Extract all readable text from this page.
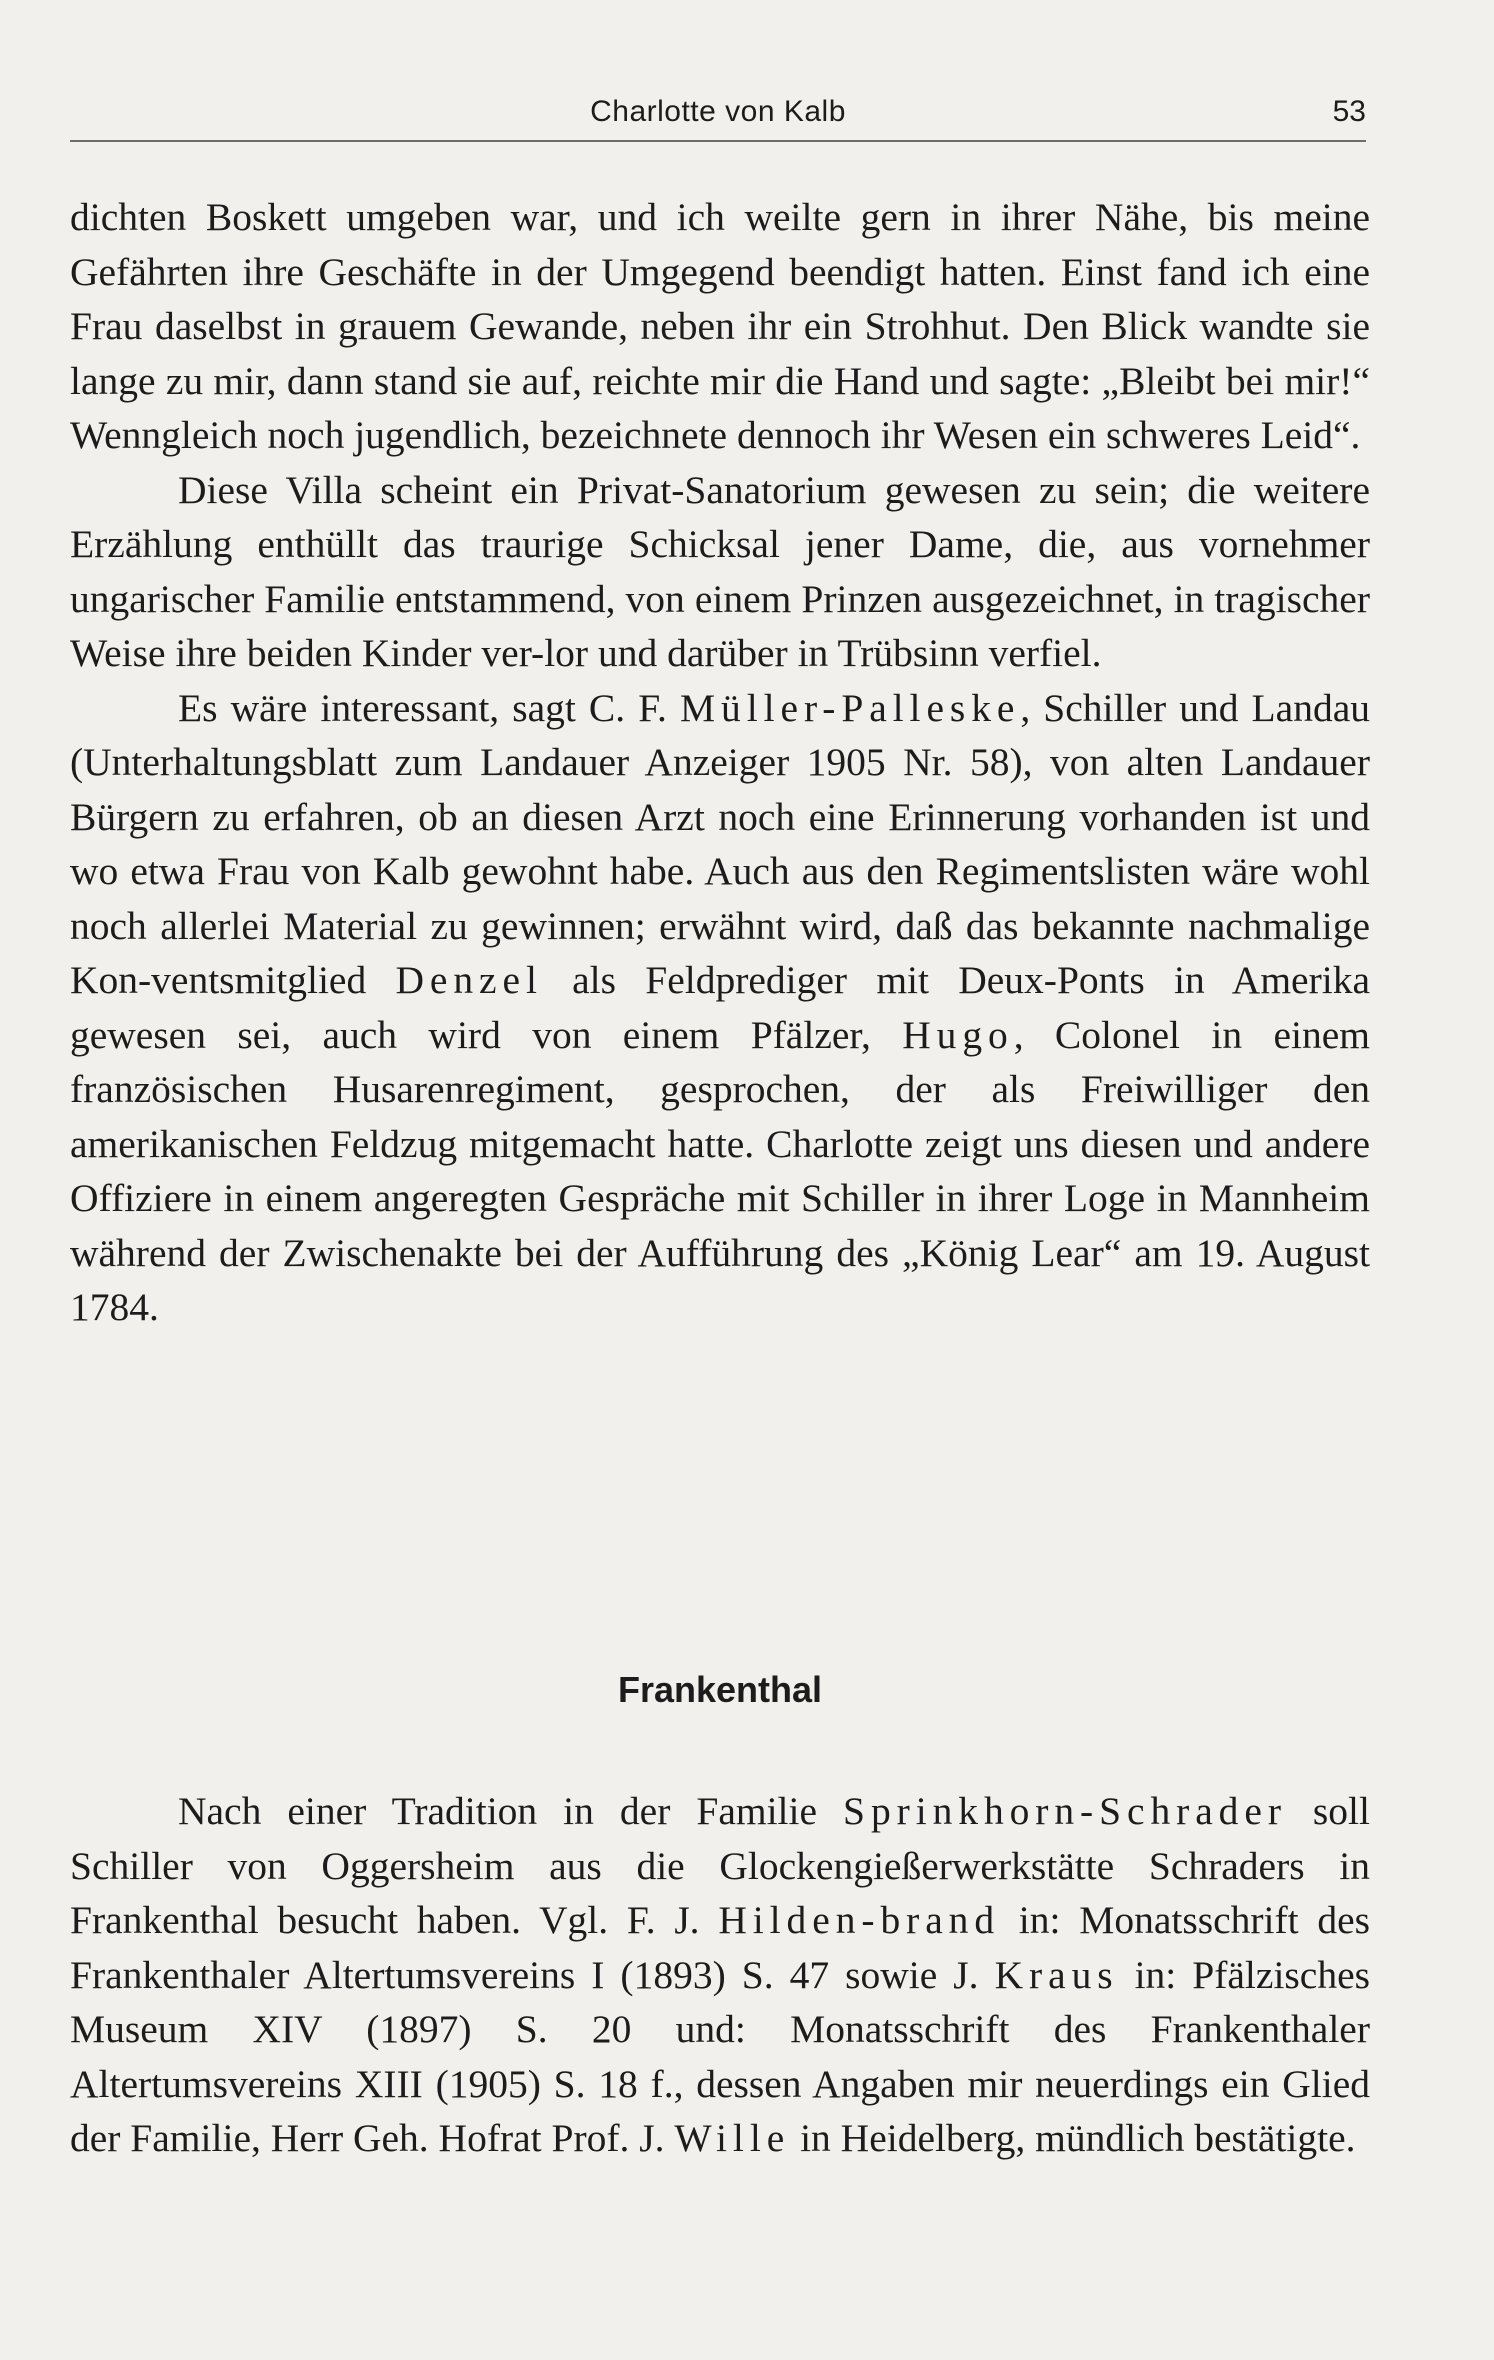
Charlotte von Kalb	53

dichten Boskett umgeben war, und ich weilte gern in ihrer Nähe, bis meine Gefährten ihre Geschäfte in der Umgegend beendigt hatten. Einst fand ich eine Frau daselbst in grauem Gewande, neben ihr ein Strohhut. Den Blick wandte sie lange zu mir, dann stand sie auf, reichte mir die Hand und sagte: „Bleibt bei mir!“ Wenngleich noch jugendlich, bezeichnete dennoch ihr Wesen ein schweres Leid“.

Diese Villa scheint ein Privat-Sanatorium gewesen zu sein; die weitere Erzählung enthüllt das traurige Schicksal jener Dame, die, aus vornehmer ungarischer Familie entstammend, von einem Prinzen ausgezeichnet, in tragischer Weise ihre beiden Kinder ver-lor und darüber in Trübsinn verfiel.

Es wäre interessant, sagt C. F. Müller-Palleske, Schiller und Landau (Unterhaltungsblatt zum Landauer Anzeiger 1905 Nr. 58), von alten Landauer Bürgern zu erfahren, ob an diesen Arzt noch eine Erinnerung vorhanden ist und wo etwa Frau von Kalb gewohnt habe. Auch aus den Regimentslisten wäre wohl noch allerlei Material zu gewinnen; erwähnt wird, daß das bekannte nachmalige Kon-ventsmitglied Denzel als Feldprediger mit Deux-Ponts in Amerika gewesen sei, auch wird von einem Pfälzer, Hugo, Colonel in einem französischen Husarenregiment, gesprochen, der als Freiwilliger den amerikanischen Feldzug mitgemacht hatte. Charlotte zeigt uns diesen und andere Offiziere in einem angeregten Gespräche mit Schiller in ihrer Loge in Mannheim während der Zwischenakte bei der Aufführung des „König Lear“ am 19. August 1784.

Frankenthal

Nach einer Tradition in der Familie Sprinkhorn-Schrader soll Schiller von Oggersheim aus die Glockengießerwerkstätte Schraders in Frankenthal besucht haben. Vgl. F. J. Hilden-brand in: Monatsschrift des Frankenthaler Altertumsvereins I (1893) S. 47 sowie J. Kraus in: Pfälzisches Museum XIV (1897) S. 20 und: Monatsschrift des Frankenthaler Altertumsvereins XIII (1905) S. 18 f., dessen Angaben mir neuerdings ein Glied der Familie, Herr Geh. Hofrat Prof. J. Wille in Heidelberg, mündlich bestätigte.
